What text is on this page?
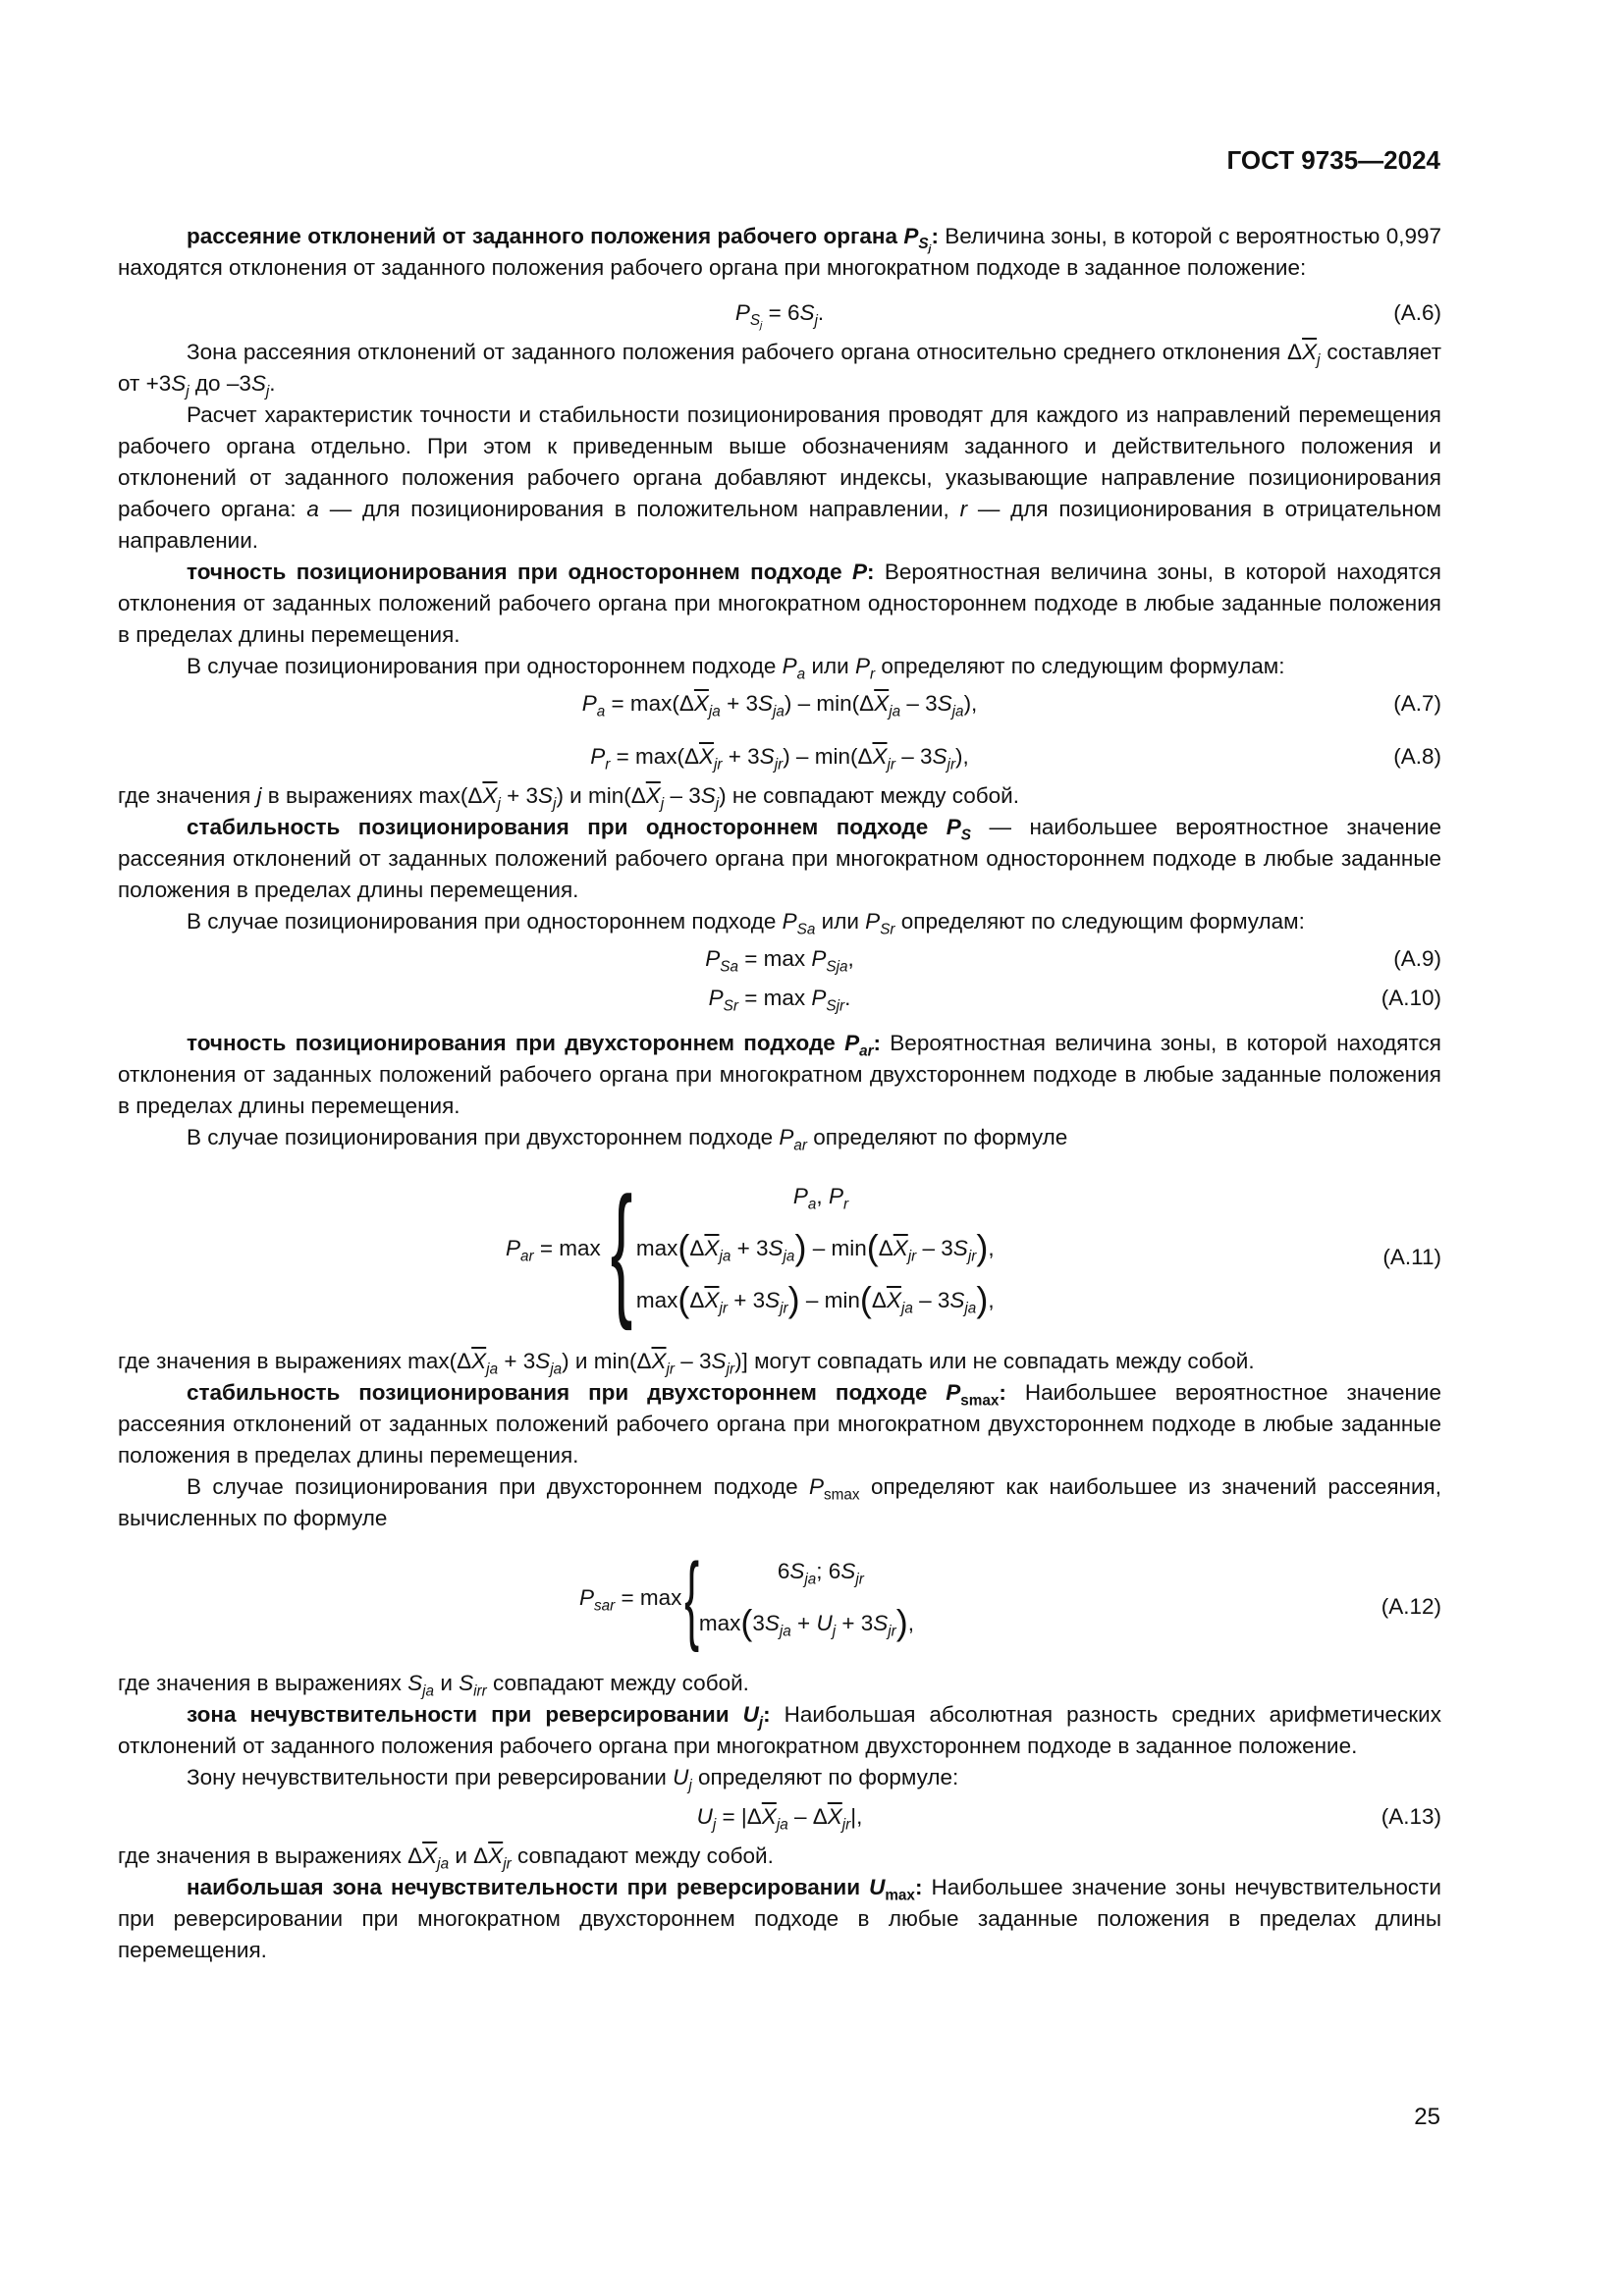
ГОСТ 9735—2024

рассеяние отклонений от заданного положения рабочего органа $P_{S_j}$: Величина зоны, в которой с вероятностью 0,997 находятся отклонения от заданного положения рабочего органа при многократном подходе в заданное положение:

$P_{S_j} = 6S_j$.	(A.6)

Зона рассеяния отклонений от заданного положения рабочего органа относительно среднего отклонения $\Delta\overline{X}_j$ составляет от $+3S_j$ до $-3S_j$.

Расчет характеристик точности и стабильности позиционирования проводят для каждого из направлений перемещения рабочего органа отдельно. При этом к приведенным выше обозначениям заданного и действительного положения и отклонений от заданного положения рабочего органа добавляют индексы, указывающие направление позиционирования рабочего органа: a — для позиционирования в положительном направлении, r — для позиционирования в отрицательном направлении.

точность позиционирования при одностороннем подходе P: Вероятностная величина зоны, в которой находятся отклонения от заданных положений рабочего органа при многократном одностороннем подходе в любые заданные положения в пределах длины перемещения.

В случае позиционирования при одностороннем подходе $P_a$ или $P_r$ определяют по следующим формулам:

$P_a = \max(\Delta\overline{X}_{ja} + 3S_{ja}) - \min(\Delta\overline{X}_{ja} - 3S_{ja})$,	(A.7)
$P_r = \max(\Delta\overline{X}_{jr} + 3S_{jr}) - \min(\Delta\overline{X}_{jr} - 3S_{jr})$,	(A.8)

где значения j в выражениях $\max(\Delta\overline{X}_j + 3S_j)$ и $\min(\Delta\overline{X}_j - 3S_j)$ не совпадают между собой.

стабильность позиционирования при одностороннем подходе $P_S$ — наибольшее вероятностное значение рассеяния отклонений от заданных положений рабочего органа при многократном одностороннем подходе в любые заданные положения в пределах длины перемещения.

В случае позиционирования при одностороннем подходе $P_{Sa}$ или $P_{Sr}$ определяют по следующим формулам:

$P_{Sa} = \max P_{Sja}$,	(A.9)
$P_{Sr} = \max P_{Sjr}$.	(A.10)

точность позиционирования при двухстороннем подходе $P_{ar}$: Вероятностная величина зоны, в которой находятся отклонения от заданных положений рабочего органа при многократном двухстороннем подходе в любые заданные положения в пределах длины перемещения.

В случае позиционирования при двухстороннем подходе $P_{ar}$ определяют по формуле

$P_{ar} = \max$ {	$P_a$, $P_r$
$\max(\Delta\overline{X}_{ja} + 3S_{ja}) - \min(\Delta\overline{X}_{jr} - 3S_{jr})$,
$\max(\Delta\overline{X}_{jr} + 3S_{jr}) - \min(\Delta\overline{X}_{ja} - 3S_{ja})$,
(A.11)

где значения в выражениях $\max(\Delta\overline{X}_{ja} + 3S_{ja})$ и $\min(\Delta\overline{X}_{jr} - 3S_{jr})$] могут совпадать или не совпадать между собой.

стабильность позиционирования при двухстороннем подходе $P_{smax}$: Наибольшее вероятностное значение рассеяния отклонений от заданных положений рабочего органа при многократном двухстороннем подходе в любые заданные положения в пределах длины перемещения.

В случае позиционирования при двухстороннем подходе $P_{smax}$ определяют как наибольшее из значений рассеяния, вычисленных по формуле

$P_{sar} = \max$ {	$6S_{ja}$; $6S_{jr}$
$\max(3S_{ja} + U_j + 3S_{jr})$,
(A.12)

где значения в выражениях $S_{ja}$ и $S_{irr}$ совпадают между собой.

зона нечувствительности при реверсировании $U_j$: Наибольшая абсолютная разность средних арифметических отклонений от заданного положения рабочего органа при многократном двухстороннем подходе в заданное положение.

Зону нечувствительности при реверсировании $U_j$ определяют по формуле:

$U_j = |\Delta\overline{X}_{ja} - \Delta\overline{X}_{jr}|$,	(A.13)

где значения в выражениях $\Delta\overline{X}_{ja}$ и $\Delta\overline{X}_{jr}$ совпадают между собой.

наибольшая зона нечувствительности при реверсировании $U_{max}$: Наибольшее значение зоны нечувствительности при реверсировании при многократном двухстороннем подходе в любые заданные положения в пределах длины перемещения.

25
